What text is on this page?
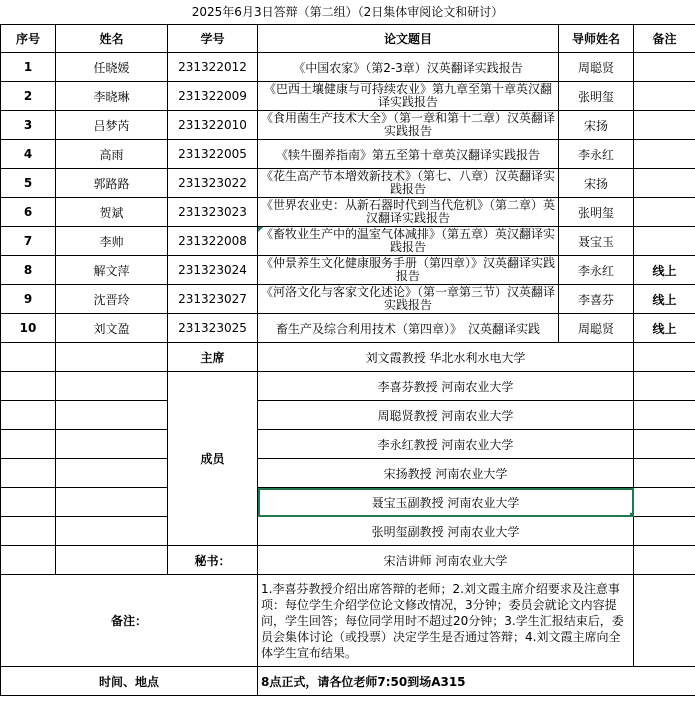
2025年6月3日答辩（第二组）（2日集体审阅论文和研讨）
序号	姓名	学号	论文题目	导师姓名	备注
1	任晓媛	231322012	《中国农家》（第2-3章）汉英翻译实践报告	周聪贤	
2	李晓琳	231322009	《巴西土壤健康与可持续农业》第九章至第十章英汉翻译实践报告	张明玺	
3	吕梦芮	231322010	《食用菌生产技术大全》（第一章和第十二章）汉英翻译实践报告	宋扬	
4	高雨	231322005	《犊牛圈养指南》第五至第十章英汉翻译实践报告	李永红	
5	郭路路	231323022	《花生高产节本增效新技术》（第七、八章）汉英翻译实践报告	宋扬	
6	贺斌	231323023	《世界农业史：从新石器时代到当代危机》（第二章）英汉翻译实践报告	张明玺	
7	李帅	231322008	《畜牧业生产中的温室气体减排》（第五章）英汉翻译实践报告	聂宝玉	
8	解文萍	231323024	《仲景养生文化健康服务手册（第四章）》汉英翻译实践报告	李永红	线上
9	沈晋玲	231323027	《河洛文化与客家文化述论》（第一章第三节）汉英翻译实践报告	李喜芬	线上
10	刘文盈	231323025	畜生产及综合利用技术（第四章）》　汉英翻译实践	周聪贤	线上
		主席	刘文霞教授 华北水利水电大学		
		成员	李喜芬教授 河南农业大学		
			周聪贤教授 河南农业大学		
			李永红教授 河南农业大学		
			宋扬教授 河南农业大学		
			聂宝玉副教授 河南农业大学		
			张明玺副教授 河南农业大学		
		秘书：	宋洁讲师 河南农业大学		
备注：			1.李喜芬教授介绍出席答辩的老师；2.刘文霞主席介绍要求及注意事项：每位学生介绍学位论文修改情况，3分钟；委员会就论文内容提问，学生回答；每位同学用时不超过20分钟；3.学生汇报结束后，委员会集体讨论（或投票）决定学生是否通过答辩；4.刘文霞主席向全体学生宣布结果。		
时间、地点			8点正式，请各位老师7:50到场A315		
